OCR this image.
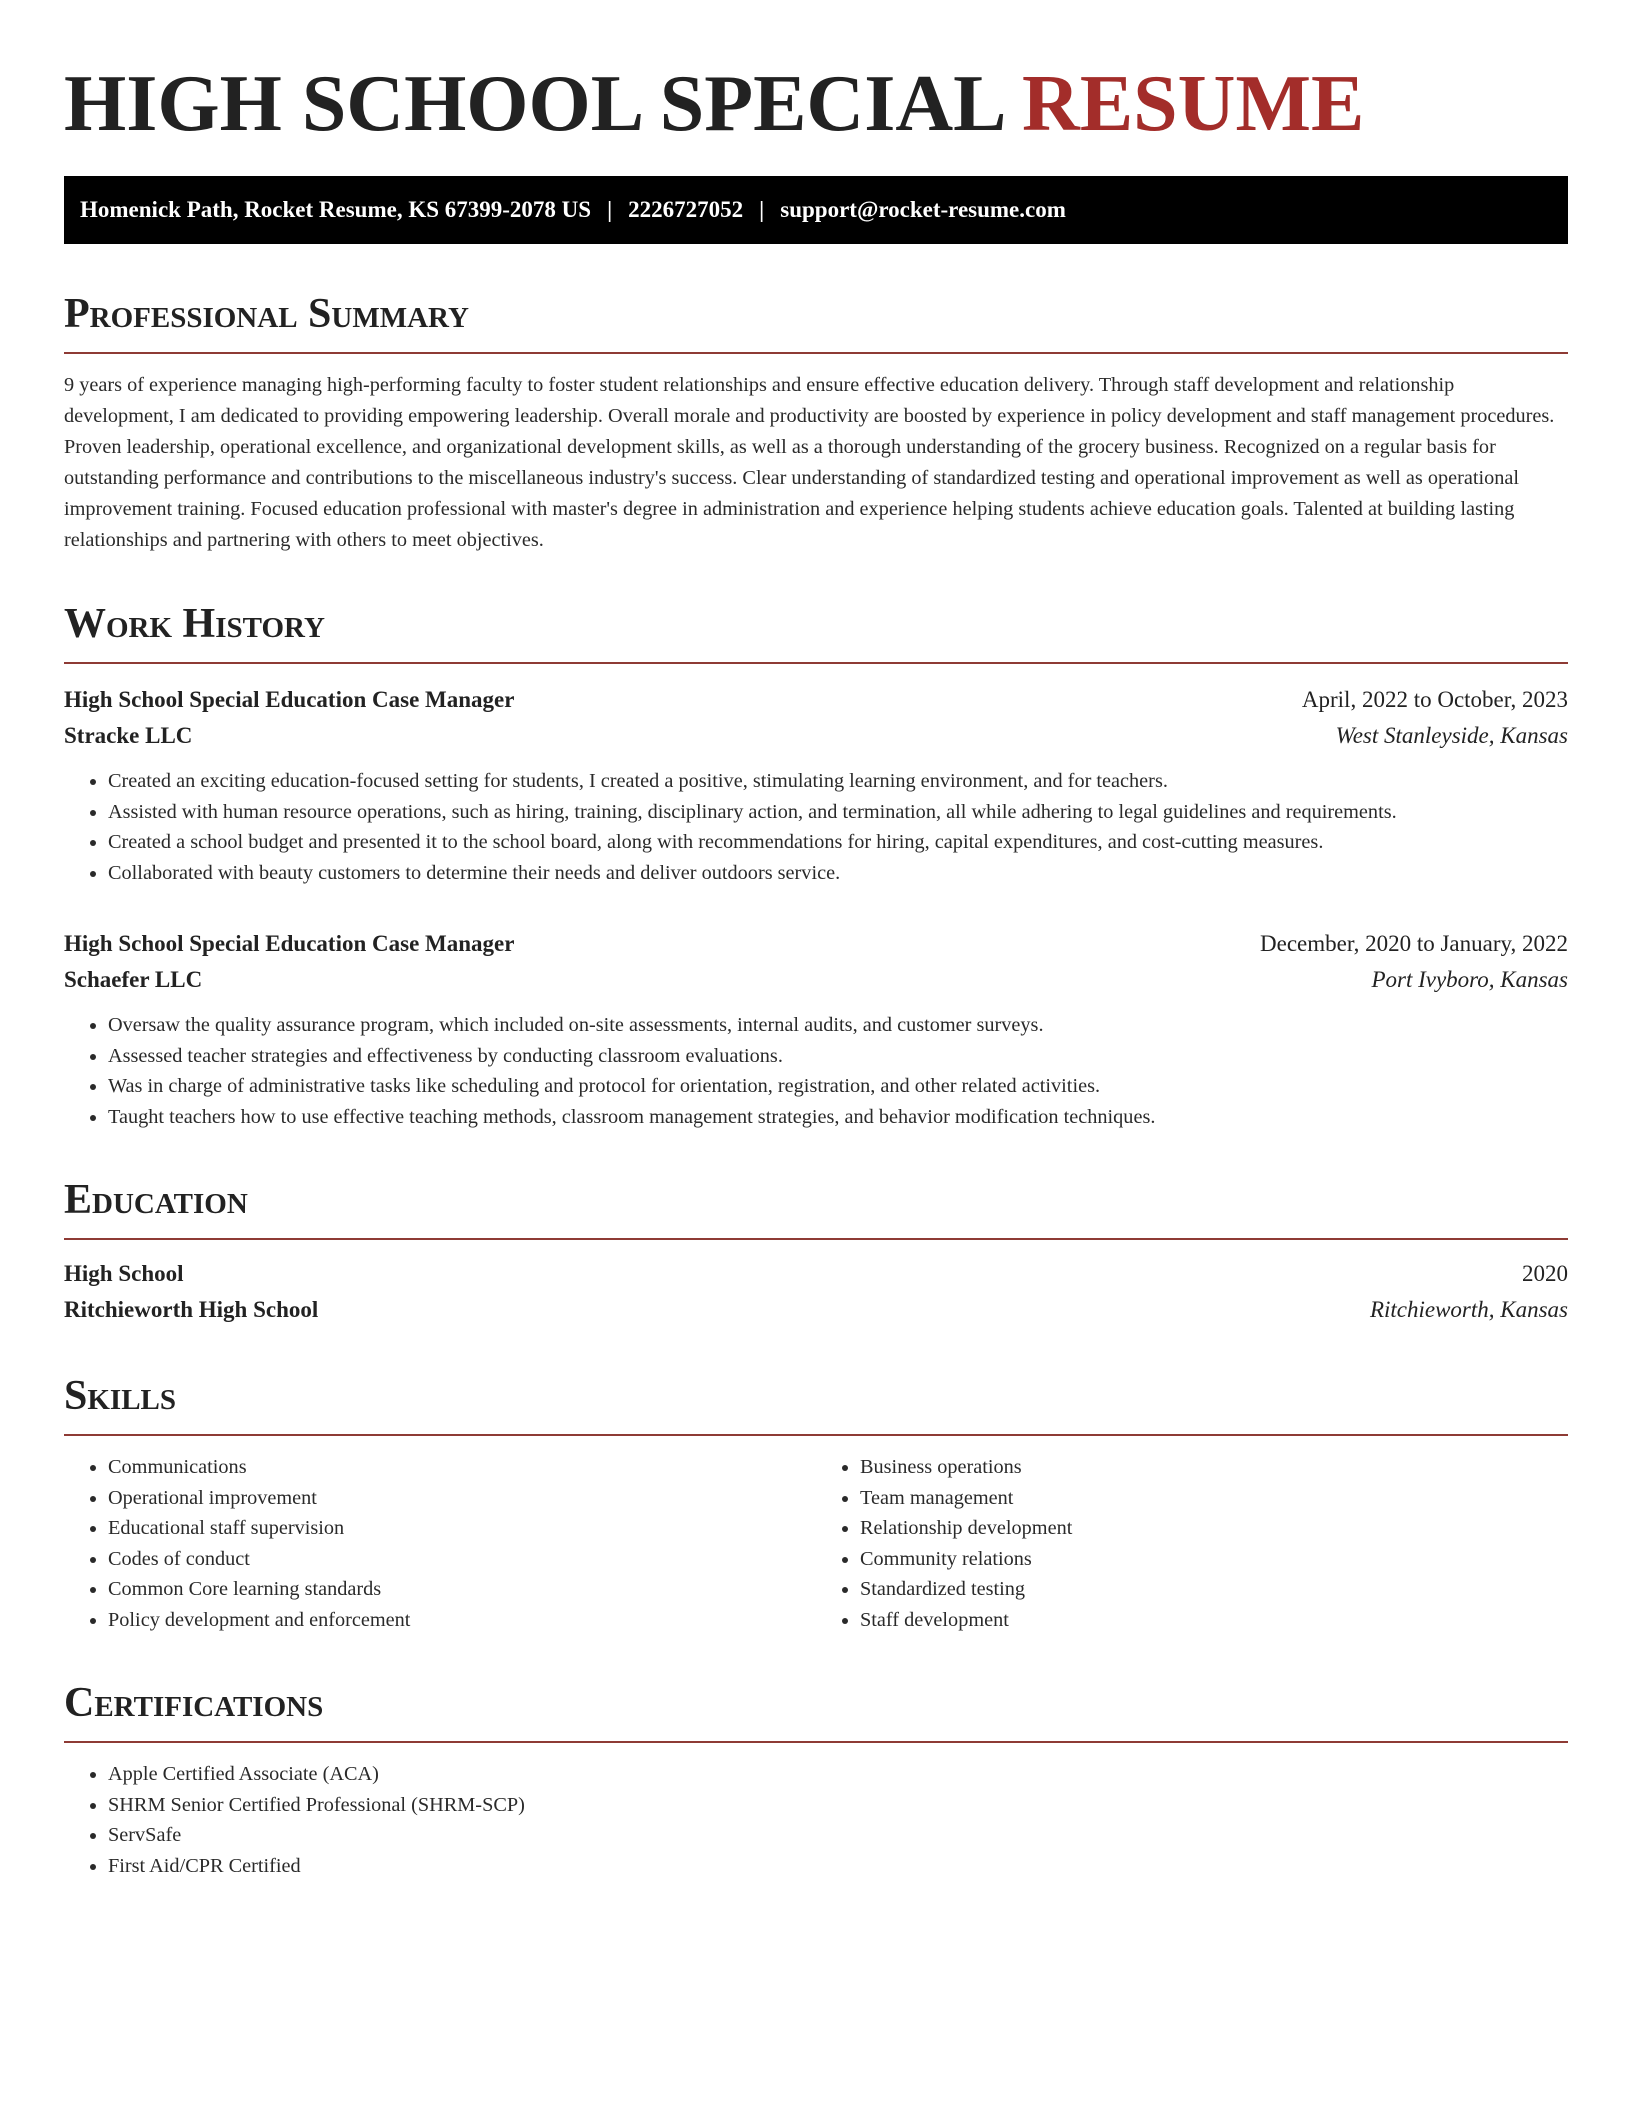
HIGH SCHOOL SPECIAL RESUME
Homenick Path, Rocket Resume, KS 67399-2078 US | 2226727052 | support@rocket-resume.com
Professional Summary

9 years of experience managing high-performing faculty to foster student relationships and ensure effective education delivery. Through staff development and relationship development, I am dedicated to providing empowering leadership. Overall morale and productivity are boosted by experience in policy development and staff management procedures. Proven leadership, operational excellence, and organizational development skills, as well as a thorough understanding of the grocery business. Recognized on a regular basis for outstanding performance and contributions to the miscellaneous industry's success. Clear understanding of standardized testing and operational improvement as well as operational improvement training. Focused education professional with master's degree in administration and experience helping students achieve education goals. Talented at building lasting relationships and partnering with others to meet objectives.

Work History
High School Special Education Case Manager	April, 2022 to October, 2023
Stracke LLC	West Stanleyside, Kansas
• Created an exciting education-focused setting for students, I created a positive, stimulating learning environment, and for teachers.
• Assisted with human resource operations, such as hiring, training, disciplinary action, and termination, all while adhering to legal guidelines and requirements.
• Created a school budget and presented it to the school board, along with recommendations for hiring, capital expenditures, and cost-cutting measures.
• Collaborated with beauty customers to determine their needs and deliver outdoors service.
High School Special Education Case Manager	December, 2020 to January, 2022
Schaefer LLC	Port Ivyboro, Kansas
• Oversaw the quality assurance program, which included on-site assessments, internal audits, and customer surveys.
• Assessed teacher strategies and effectiveness by conducting classroom evaluations.
• Was in charge of administrative tasks like scheduling and protocol for orientation, registration, and other related activities.
• Taught teachers how to use effective teaching methods, classroom management strategies, and behavior modification techniques.
Education
High School	2020
Ritchieworth High School	Ritchieworth, Kansas
Skills
• Communications
• Operational improvement
• Educational staff supervision
• Codes of conduct
• Common Core learning standards
• Policy development and enforcement
• Business operations
• Team management
• Relationship development
• Community relations
• Standardized testing
• Staff development
Certifications
• Apple Certified Associate (ACA)
• SHRM Senior Certified Professional (SHRM-SCP)
• ServSafe
• First Aid/CPR Certified
